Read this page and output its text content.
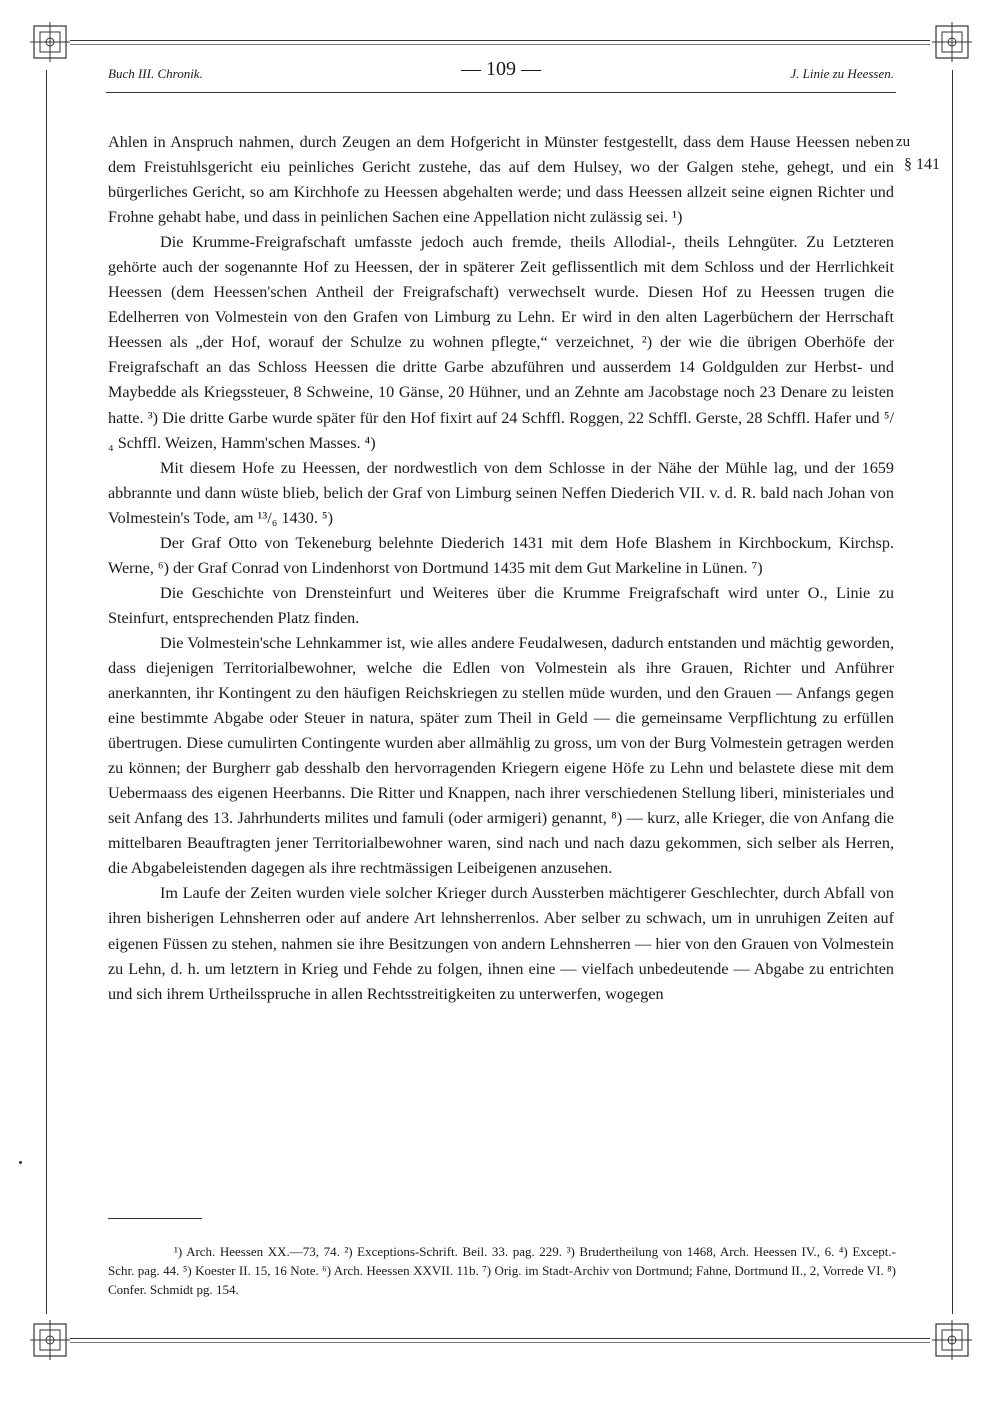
Buch III. Chronik.	— 109 —	J. Linie zu Heessen.
zu
§ 141

Ahlen in Anspruch nahmen, durch Zeugen an dem Hofgericht in Münster festgestellt, dass dem Hause Heessen neben dem Freistuhlsgericht eiu peinliches Gericht zustehe, das auf dem Hulsey, wo der Galgen stehe, gehegt, und ein bürgerliches Gericht, so am Kirchhofe zu Heessen abgehalten werde; und dass Heessen allzeit seine eignen Richter und Frohne gehabt habe, und dass in peinlichen Sachen eine Appellation nicht zulässig sei. ¹)

Die Krumme-Freigrafschaft umfasste jedoch auch fremde, theils Allodial-, theils Lehngüter. Zu Letzteren gehörte auch der sogenannte Hof zu Heessen, der in späterer Zeit geflissentlich mit dem Schloss und der Herrlichkeit Heessen (dem Heessen'schen Antheil der Freigrafschaft) verwechselt wurde. Diesen Hof zu Heessen trugen die Edelherren von Volmestein von den Grafen von Limburg zu Lehn. Er wird in den alten Lagerbüchern der Herrschaft Heessen als „der Hof, worauf der Schulze zu wohnen pflegte,“ verzeichnet, ²) der wie die übrigen Oberhöfe der Freigrafschaft an das Schloss Heessen die dritte Garbe abzuführen und ausserdem 14 Goldgulden zur Herbst- und Maybedde als Kriegssteuer, 8 Schweine, 10 Gänse, 20 Hühner, und an Zehnte am Jacobstage noch 23 Denare zu leisten hatte. ³) Die dritte Garbe wurde später für den Hof fixirt auf 24 Schffl. Roggen, 22 Schffl. Gerste, 28 Schffl. Hafer und ⁵/₄ Schffl. Weizen, Hamm'schen Masses. ⁴)

Mit diesem Hofe zu Heessen, der nordwestlich von dem Schlosse in der Nähe der Mühle lag, und der 1659 abbrannte und dann wüste blieb, belich der Graf von Limburg seinen Neffen Diederich VII. v. d. R. bald nach Johan von Volmestein's Tode, am ¹³/₆ 1430. ⁵)

Der Graf Otto von Tekeneburg belehnte Diederich 1431 mit dem Hofe Blashem in Kirchbockum, Kirchsp. Werne, ⁶) der Graf Conrad von Lindenhorst von Dortmund 1435 mit dem Gut Markeline in Lünen. ⁷)

Die Geschichte von Drensteinfurt und Weiteres über die Krumme Freigrafschaft wird unter O., Linie zu Steinfurt, entsprechenden Platz finden.

Die Volmestein'sche Lehnkammer ist, wie alles andere Feudalwesen, dadurch entstanden und mächtig geworden, dass diejenigen Territorialbewohner, welche die Edlen von Volmestein als ihre Grauen, Richter und Anführer anerkannten, ihr Kontingent zu den häufigen Reichskriegen zu stellen müde wurden, und den Grauen — Anfangs gegen eine bestimmte Abgabe oder Steuer in natura, später zum Theil in Geld — die gemeinsame Verpflichtung zu erfüllen übertrugen. Diese cumulirten Contingente wurden aber allmählig zu gross, um von der Burg Volmestein getragen werden zu können; der Burgherr gab desshalb den hervorragenden Kriegern eigene Höfe zu Lehn und belastete diese mit dem Uebermaass des eigenen Heerbanns. Die Ritter und Knappen, nach ihrer verschiedenen Stellung liberi, ministeriales und seit Anfang des 13. Jahrhunderts milites und famuli (oder armigeri) genannt, ⁸) — kurz, alle Krieger, die von Anfang die mittelbaren Beauftragten jener Territorialbewohner waren, sind nach und nach dazu gekommen, sich selber als Herren, die Abgabeleistenden dagegen als ihre rechtmässigen Leibeigenen anzusehen.

Im Laufe der Zeiten wurden viele solcher Krieger durch Aussterben mächtigerer Geschlechter, durch Abfall von ihren bisherigen Lehnsherren oder auf andere Art lehnsherrenlos. Aber selber zu schwach, um in unruhigen Zeiten auf eigenen Füssen zu stehen, nahmen sie ihre Besitzungen von andern Lehnsherren — hier von den Grauen von Volmestein zu Lehn, d. h. um letztern in Krieg und Fehde zu folgen, ihnen eine — vielfach unbedeutende — Abgabe zu entrichten und sich ihrem Urtheilsspruche in allen Rechtsstreitigkeiten zu unterwerfen, wogegen

¹) Arch. Heessen XX.—73, 74. ²) Exceptions-Schrift. Beil. 33. pag. 229. ³) Brudertheilung von 1468, Arch. Heessen IV., 6. ⁴) Except.-Schr. pag. 44. ⁵) Koester II. 15, 16 Note. ⁶) Arch. Heessen XXVII. 11b. ⁷) Orig. im Stadt-Archiv von Dortmund; Fahne, Dortmund II., 2, Vorrede VI. ⁸) Confer. Schmidt pg. 154.
